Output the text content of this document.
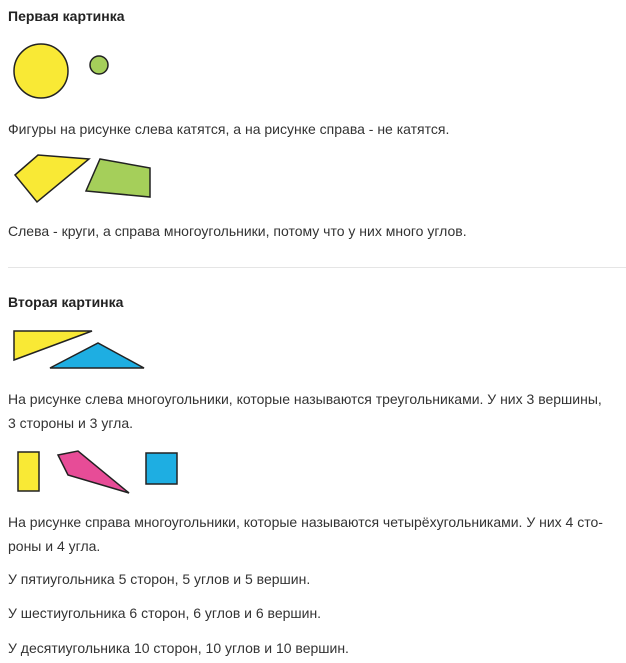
Первая картинка

Фигуры на рисунке слева катятся, а на рисунке справа - не катятся.

Слева - круги, а справа многоугольники, потому что у них много углов.

Вторая картинка

На рисунке слева многоугольники, которые называются треугольниками. У них 3 вершины,
3 стороны и 3 угла.

На рисунке справа многоугольники, которые называются четырёхугольниками. У них 4 сто-
роны и 4 угла.

У пятиугольника 5 сторон, 5 углов и 5 вершин.

У шестиугольника 6 сторон, 6 углов и 6 вершин.

У десятиугольника 10 сторон, 10 углов и 10 вершин.
